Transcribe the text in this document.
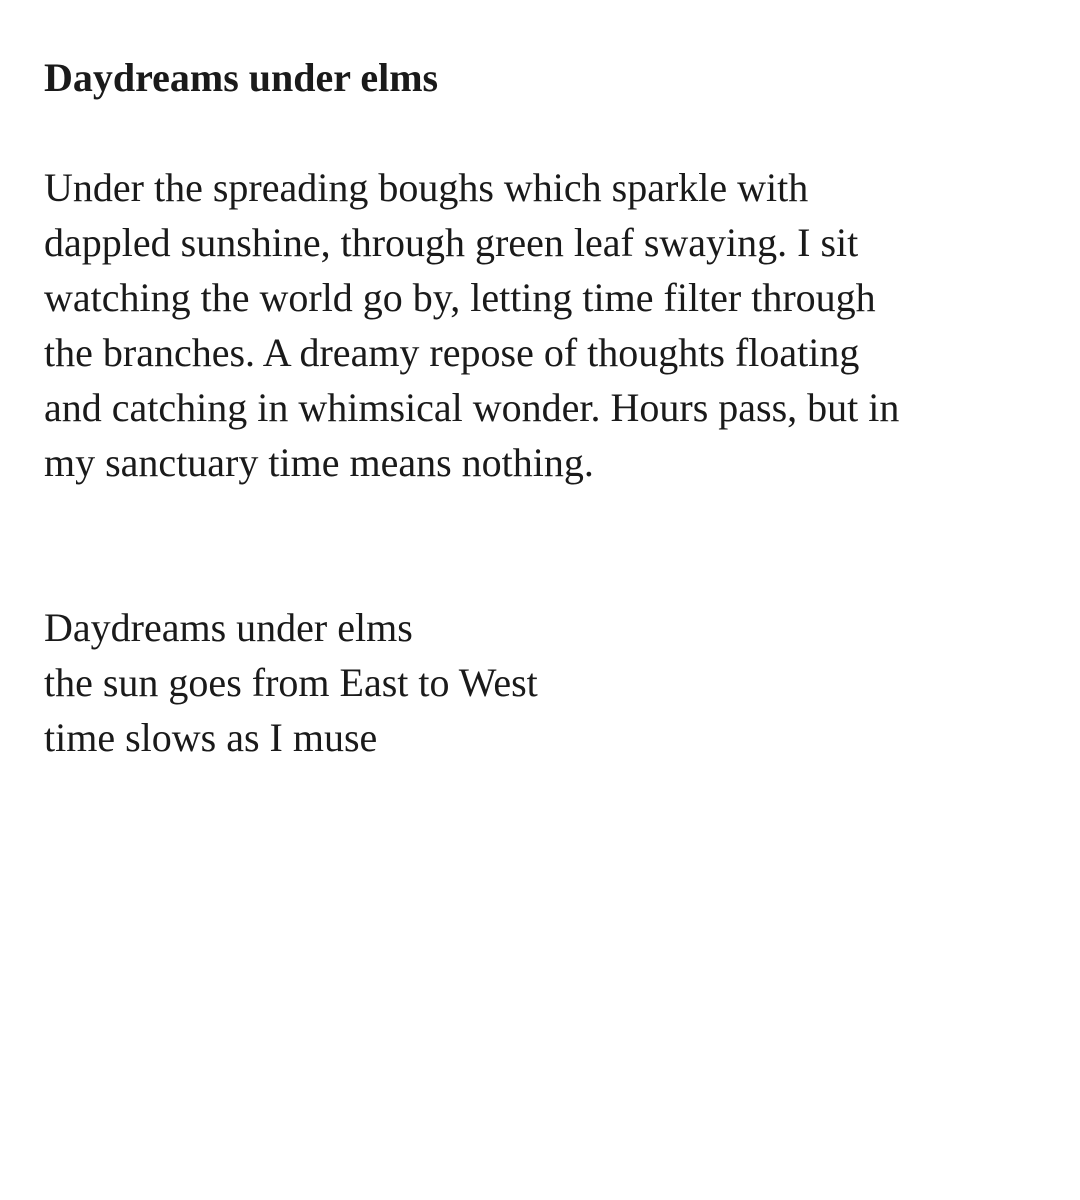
Daydreams under elms

Under the spreading boughs which sparkle with
dappled sunshine, through green leaf swaying. I sit
watching the world go by, letting time filter through
the branches. A dreamy repose of thoughts floating
and catching in whimsical wonder. Hours pass, but in
my sanctuary time means nothing.

Daydreams under elms
the sun goes from East to West
time slows as I muse
